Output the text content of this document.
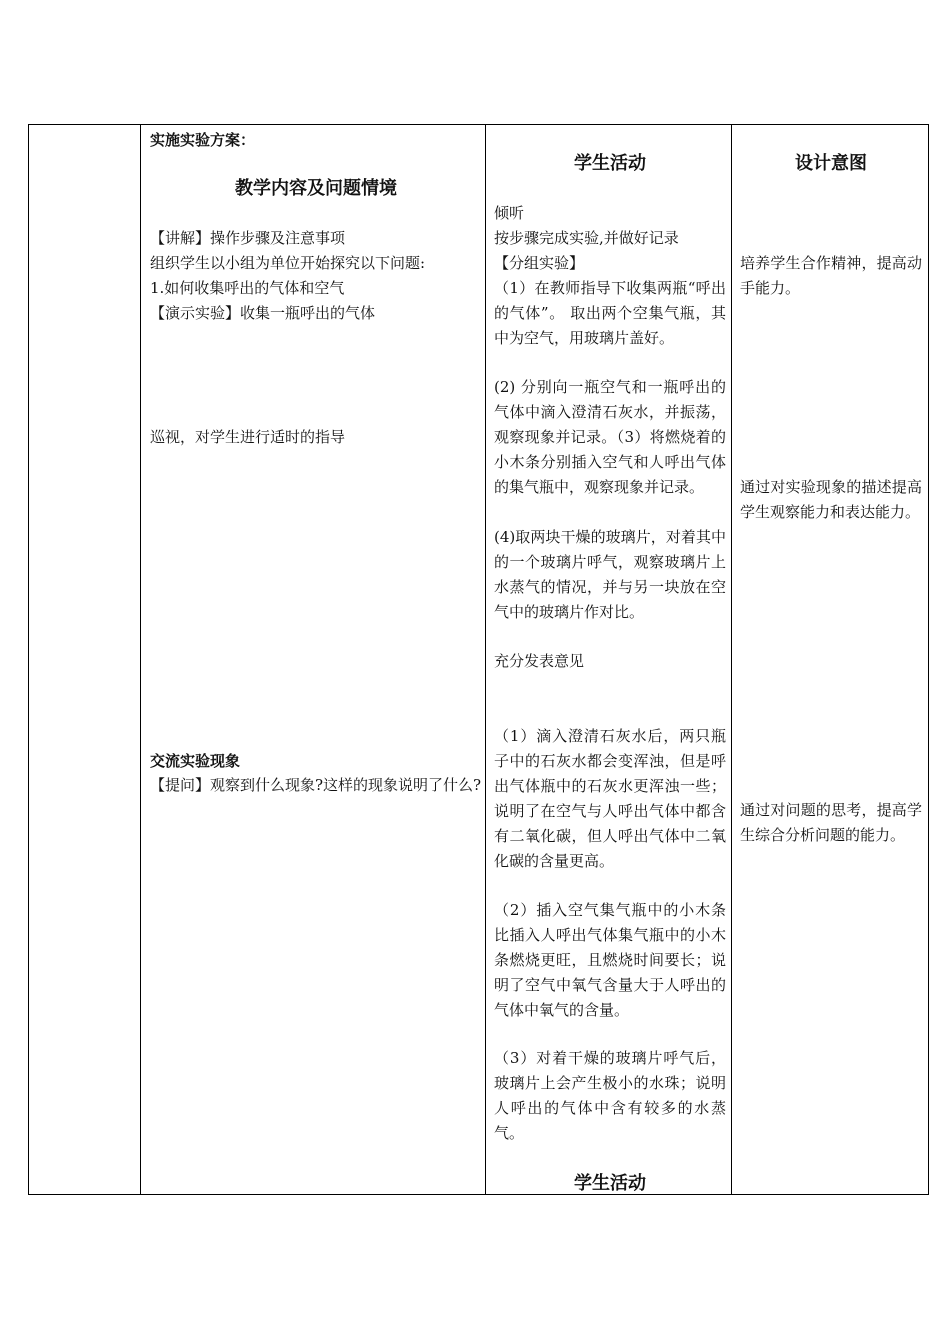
实施实验方案：
教学内容及问题情境
【讲解】操作步骤及注意事项
组织学生以小组为单位开始探究以下问题:
1.如何收集呼出的气体和空气
【演示实验】收集一瓶呼出的气体
巡视，对学生进行适时的指导
交流实验现象
【提问】观察到什么现象?这样的现象说明了什么?
学生活动
倾听
按步骤完成实验,并做好记录
【分组实验】
（1）在教师指导下收集两瓶“呼出的气体”。 取出两个空集气瓶，其中为空气，用玻璃片盖好。
(2) 分别向一瓶空气和一瓶呼出的气体中滴入澄清石灰水，并振荡，观察现象并记录。（3）将燃烧着的小木条分别插入空气和人呼出气体的集气瓶中，观察现象并记录。
(4)取两块干燥的玻璃片，对着其中的一个玻璃片呼气，观察玻璃片上水蒸气的情况，并与另一块放在空气中的玻璃片作对比。
充分发表意见
（1）滴入澄清石灰水后，两只瓶子中的石灰水都会变浑浊，但是呼出气体瓶中的石灰水更浑浊一些；说明了在空气与人呼出气体中都含有二氧化碳，但人呼出气体中二氧化碳的含量更高。
（2）插入空气集气瓶中的小木条比插入人呼出气体集气瓶中的小木条燃烧更旺，且燃烧时间要长；说明了空气中氧气含量大于人呼出的气体中氧气的含量。
（3）对着干燥的玻璃片呼气后，玻璃片上会产生极小的水珠；说明人呼出的气体中含有较多的水蒸气。
学生活动
设计意图
培养学生合作精神，提高动手能力。
通过对实验现象的描述提高学生观察能力和表达能力。
通过对问题的思考，提高学生综合分析问题的能力。
